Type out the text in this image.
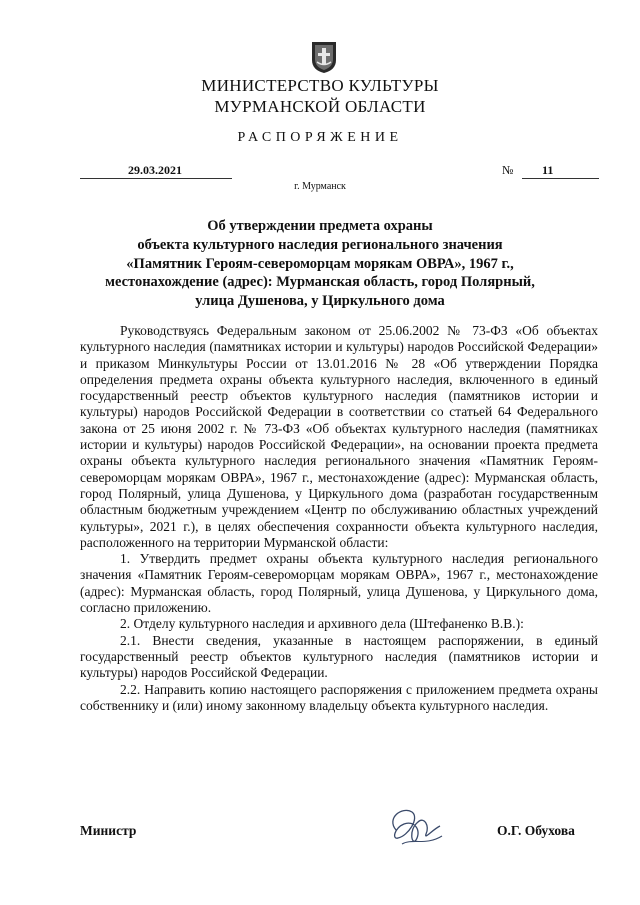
МИНИСТЕРСТВО КУЛЬТУРЫ
МУРМАНСКОЙ ОБЛАСТИ
РАСПОРЯЖЕНИЕ
29.03.2021	№ 11
г. Мурманск
Об утверждении предмета охраны
объекта культурного наследия регионального значения
«Памятник Героям-североморцам морякам ОВРА», 1967 г.,
местонахождение (адрес): Мурманская область, город Полярный,
улица Душенова, у Циркульного дома

Руководствуясь Федеральным законом от 25.06.2002 № 73-ФЗ «Об объектах культурного наследия (памятниках истории и культуры) народов Российской Федерации» и приказом Минкультуры России от 13.01.2016 № 28 «Об утверждении Порядка определения предмета охраны объекта культурного наследия, включенного в единый государственный реестр объектов культурного наследия (памятников истории и культуры) народов Российской Федерации в соответствии со статьей 64 Федерального закона от 25 июня 2002 г. № 73-ФЗ «Об объектах культурного наследия (памятниках истории и культуры) народов Российской Федерации», на основании проекта предмета охраны объекта культурного наследия регионального значения «Памятник Героям-североморцам морякам ОВРА», 1967 г., местонахождение (адрес): Мурманская область, город Полярный, улица Душенова, у Циркульного дома (разработан государственным областным бюджетным учреждением «Центр по обслуживанию областных учреждений культуры», 2021 г.), в целях обеспечения сохранности объекта культурного наследия, расположенного на территории Мурманской области:

1. Утвердить предмет охраны объекта культурного наследия регионального значения «Памятник Героям-североморцам морякам ОВРА», 1967 г., местонахождение (адрес): Мурманская область, город Полярный, улица Душенова, у Циркульного дома, согласно приложению.

2. Отделу культурного наследия и архивного дела (Штефаненко В.В.):

2.1. Внести сведения, указанные в настоящем распоряжении, в единый государственный реестр объектов культурного наследия (памятников истории и культуры) народов Российской Федерации.

2.2. Направить копию настоящего распоряжения с приложением предмета охраны собственнику и (или) иному законному владельцу объекта культурного наследия.

Министр	О.Г. Обухова
